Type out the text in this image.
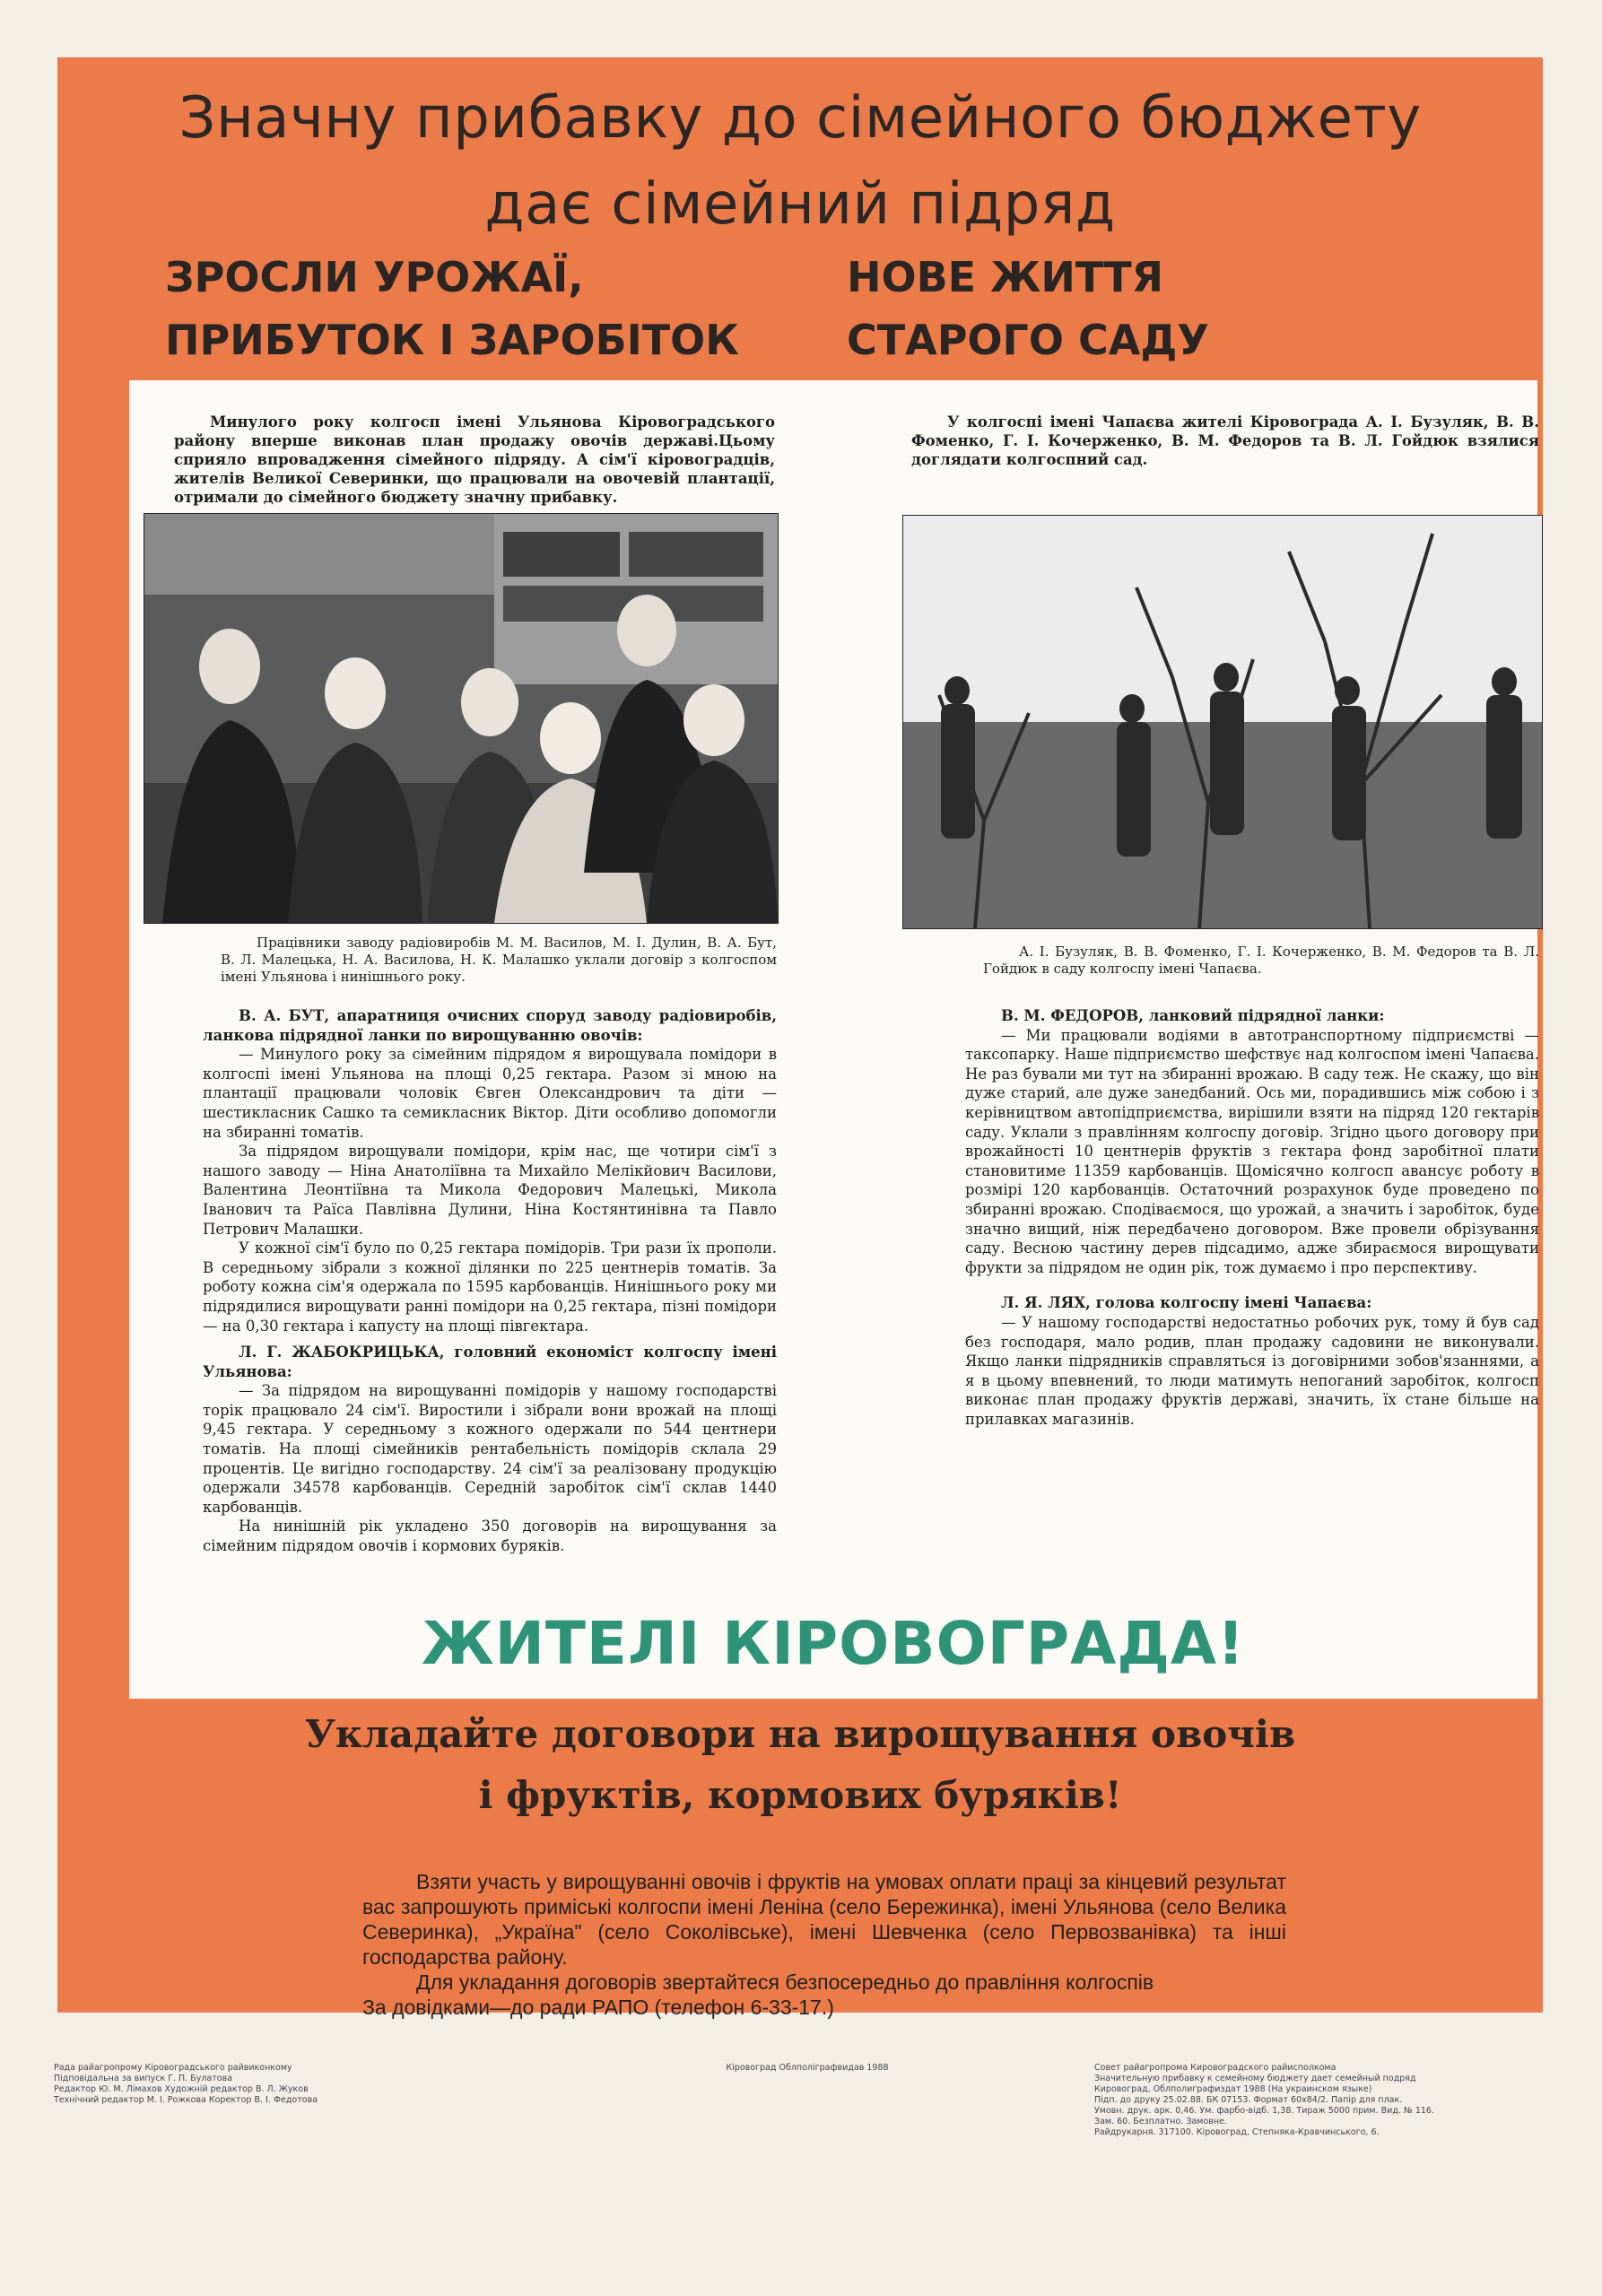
Значну прибавку до сімейного бюджету
дає сімейний підряд
ЗРОСЛИ УРОЖАЇ,
ПРИБУТОК І ЗАРОБІТОК
НОВЕ ЖИТТЯ
СТАРОГО САДУ
Минулого року колгосп імені Ульянова Кіровоградського району вперше виконав план продажу овочів державі.Цьому сприяло впровадження сімейного підряду. А сім'ї кіровоградців, жителів Великої Северинки, що працювали на овочевій плантації, отримали до сімейного бюджету значну прибавку.
Працівники заводу радіовиробів М. М. Василов, М. І. Дулин, В. А. Бут, В. Л. Малецька, Н. А. Василова, Н. К. Малашко уклали договір з колгоспом імені Ульянова і нинішнього року.

В. А. БУТ, апаратниця очисних споруд заводу радіовиробів, ланкова підрядної ланки по вирощуванню овочів:

— Минулого року за сімейним підрядом я вирощувала помідори в колгоспі імені Ульянова на площі 0,25 гектара. Разом зі мною на плантації працювали чоловік Євген Олександрович та діти — шестикласник Сашко та семикласник Віктор. Діти особливо допомогли на збиранні томатів.

За підрядом вирощували помідори, крім нас, ще чотири сім'ї з нашого заводу — Ніна Анатоліївна та Михайло Мелікйович Василови, Валентина Леонтіївна та Микола Федорович Малецькі, Микола Іванович та Раїса Павлівна Дулини, Ніна Костянтинівна та Павло Петрович Малашки.

У кожної сім'ї було по 0,25 гектара помідорів. Три рази їх прополи. В середньому зібрали з кожної ділянки по 225 центнерів томатів. За роботу кожна сім'я одержала по 1595 карбованців. Нинішнього року ми підрядилися вирощувати ранні помідори на 0,25 гектара, пізні помідори — на 0,30 гектара і капусту на площі півгектара.

Л. Г. ЖАБОКРИЦЬКА, головний економіст колгоспу імені Ульянова:

— За підрядом на вирощуванні помідорів у нашому господарстві торік працювало 24 сім'ї. Виростили і зібрали вони врожай на площі 9,45 гектара. У середньому з кожного одержали по 544 центнери томатів. На площі сімейників рентабельність помідорів склала 29 процентів. Це вигідно господарству. 24 сім'ї за реалізовану продукцію одержали 34578 карбованців. Середній заробіток сім'ї склав 1440 карбованців.

На нинішній рік укладено 350 договорів на вирощування за сімейним підрядом овочів і кормових буряків.

У колгоспі імені Чапаєва жителі Кіровограда А. І. Бузуляк, В. В. Фоменко, Г. І. Кочерженко, В. М. Федоров та В. Л. Гойдюк взялися доглядати колгоспний сад.
А. І. Бузуляк, В. В. Фоменко, Г. І. Кочерженко, В. М. Федоров та В. Л. Гойдюк в саду колгоспу імені Чапаєва.

В. М. ФЕДОРОВ, ланковий підрядної ланки:

— Ми працювали водіями в автотранспортному підприємстві — таксопарку. Наше підприємство шефствує над колгоспом імені Чапаєва. Не раз бували ми тут на збиранні врожаю. В саду теж. Не скажу, що він дуже старий, але дуже занедбаний. Ось ми, порадившись між собою і з керівництвом автопідприємства, вирішили взяти на підряд 120 гектарів саду. Уклали з правлінням колгоспу договір. Згідно цього договору при врожайності 10 центнерів фруктів з гектара фонд заробітної плати становитиме 11359 карбованців. Щомісячно колгосп авансує роботу в розмірі 120 карбованців. Остаточний розрахунок буде проведено по збиранні врожаю. Сподіваємося, що урожай, а значить і заробіток, буде значно вищий, ніж передбачено договором. Вже провели обрізування саду. Весною частину дерев підсадимо, адже збираємося вирощувати фрукти за підрядом не один рік, тож думаємо і про перспективу.

Л. Я. ЛЯХ, голова колгоспу імені Чапаєва:

— У нашому господарстві недостатньо робочих рук, тому й був сад без господаря, мало родив, план продажу садовини не виконували. Якщо ланки підрядників справляться із договірними зобов'язаннями, а я в цьому впевнений, то люди матимуть непоганий заробіток, колгосп виконає план продажу фруктів державі, значить, їх стане більше на прилавках магазинів.

ЖИТЕЛІ КІРОВОГРАДА!
Укладайте договори на вирощування овочів
і фруктів, кормових буряків!

Взяти участь у вирощуванні овочів і фруктів на умовах оплати праці за кінцевий результат вас запрошують приміські колгоспи імені Леніна (село Бережинка), імені Ульянова (село Велика Северинка), „Україна" (село Соколівське), імені Шевченка (село Первозванівка) та інші господарства району.

Для укладання договорів звертайтеся безпосередньо до правління колгоспів

За довідками—до ради РАПО (телефон 6-33-17.)

Рада райагропрому Кіровоградського райвиконкому

Підповідальна за випуск Г. П. Булатова

Редактор Ю. М. Лімахов Художній редактор В. Л. Жуков

Технічний редактор М. І. Рожкова Коректор В. І. Федотова

Кіровоград Облполіграфвидав 1988	Совет райагропрома Кировоградского райисполкома

Значительную прибавку к семейному бюджету дает семейный подряд

Кировоград, Облполиграфиздат 1988 (На украинском языке)

Підп. до друку 25.02.88. БК 07153. Формат 60х84/2. Папір для плак.

Умовн. друк. арк. 0,46. Ум. фарбо-відб. 1,38. Тираж 5000 прим. Вид. № 116.

Зам. 60. Безплатно. Замовне.

Райдрукарня. 317100. Кіровоград, Степняка-Кравчинського, 6.
